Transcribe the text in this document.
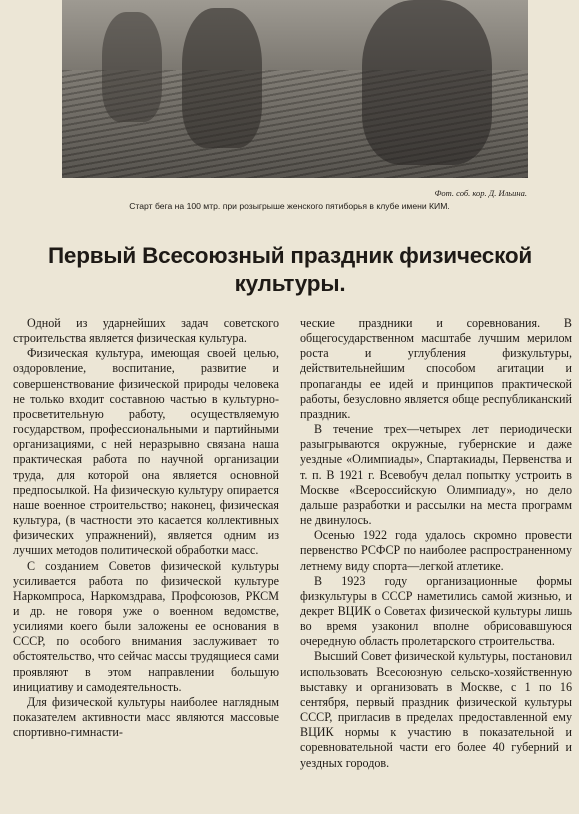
Фот. соб. кор. Д. Ильина.
Старт бега на 100 мтр. при розыгрыше женского пятиборья в клубе имени КИМ.
Первый Всесоюзный праздник физической культуры.

Одной из ударнейших задач советского строительства является физическая культура.

Физическая культура, имеющая своей целью, оздоровление, воспитание, развитие и совершенствование физической природы человека не только входит составною частью в культурно-просветительную работу, осуществляемую государством, профессиональными и партийными организациями, с ней неразрывно связана наша практическая работа по научной организации труда, для которой она является основной предпосылкой. На физическую культуру опирается наше военное строительство; наконец, физическая культура, (в частности это касается коллективных физических упражнений), является одним из лучших методов политической обработки масс.

С созданием Советов физической культуры усиливается работа по физической культуре Наркомпроса, Наркомздрава, Профсоюзов, РКСМ и др. не говоря уже о военном ведомстве, усилиями коего были заложены ее основания в СССР, по особого внимания заслуживает то обстоятельство, что сейчас массы трудящиеся сами проявляют в этом направлении большую инициативу и самодеятельность.

Для физической культуры наиболее наглядным показателем активности масс являются массовые спортивно-гимнасти-

ческие праздники и соревнования. В общегосударственном масштабе лучшим мерилом роста и углубления физкультуры, действительнейшим способом агитации и пропаганды ее идей и принципов практической работы, безусловно является общe республиканский праздник.

В течение трех—четырех лет периодически разыгрываются окружные, губернские и даже уездные «Олимпиады», Спартакиады, Первенства и т. п. В 1921 г. Всевобуч делал попытку устроить в Москве «Всероссийскую Олимпиаду», но дело дальше разработки и рассылки на места программ не двинулось.

Осенью 1922 года удалось скромно провести первенство РСФСР по наиболее распространенному летнему виду спорта—легкой атлетике.

В 1923 году организационные формы физкультуры в СССР наметились самой жизнью, и декрет ВЦИК о Советах физической культуры лишь во время узаконил вполне обрисовавшуюся очередную область пролетарского строительства.

Высший Совет физической культуры, постановил использовать Всесоюзную сельско-хозяйственную выставку и организовать в Москве, с 1 по 16 сентября, первый праздник физической культуры СССР, пригласив в пределах предоставленной ему ВЦИК нормы к участию в показательной и соревновательной части его более 40 губерний и уездных городов.
